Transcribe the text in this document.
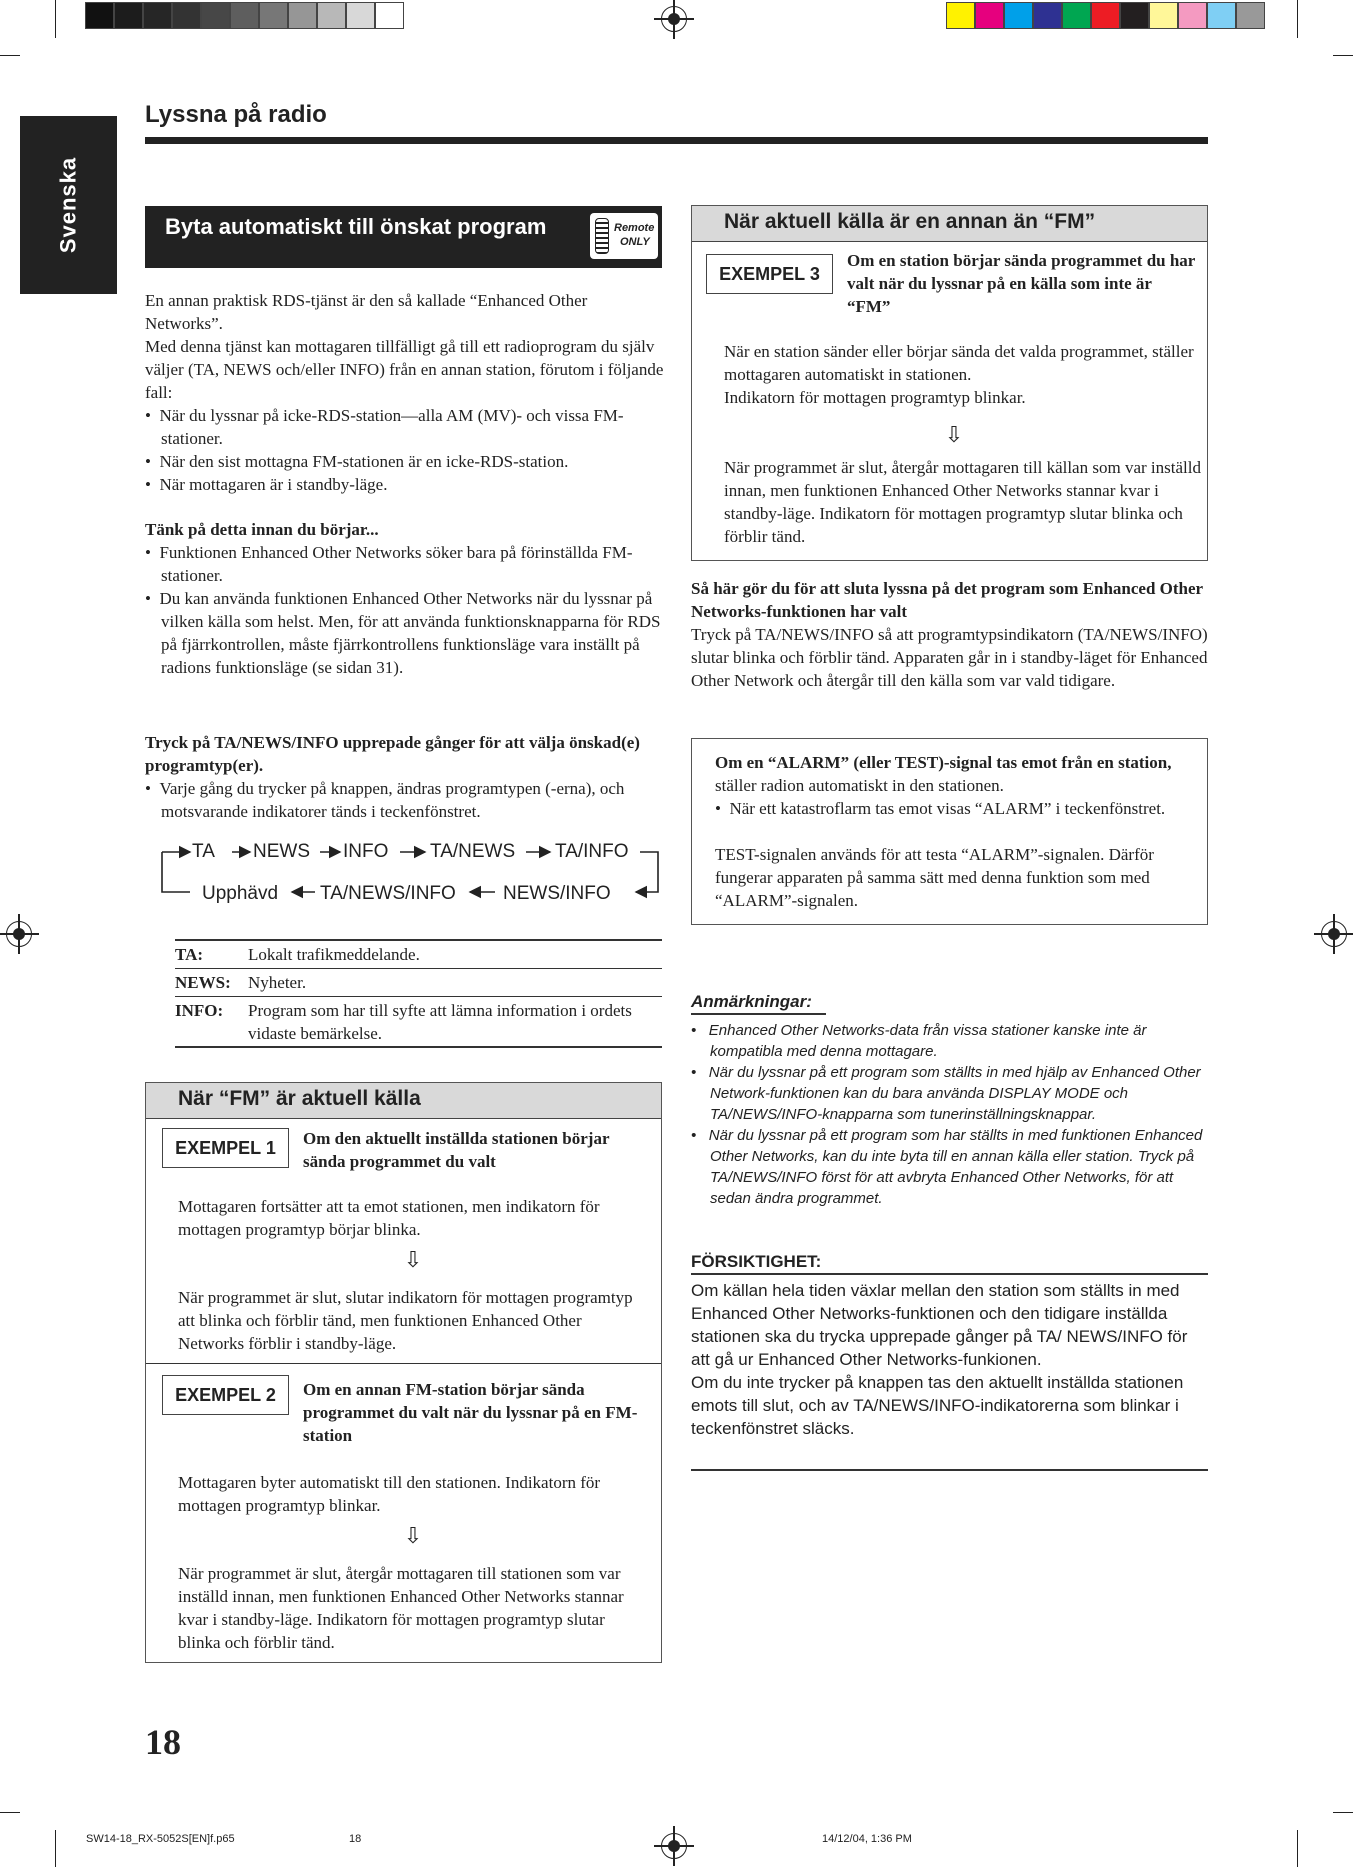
Svenska
Lyssna på radio
Byta automatiskt till önskat program	Remote
ONLY

En annan praktisk RDS-tjänst är den så kallade “Enhanced Other Networks”.

Med denna tjänst kan mottagaren tillfälligt gå till ett radioprogram du själv väljer (TA, NEWS och/eller INFO) från en annan station, förutom i följande fall:

•  När du lyssnar på icke-RDS-station—alla AM (MV)- och vissa FM-stationer.

•  När den sist mottagna FM-stationen är en icke-RDS-station.

•  När mottagaren är i standby-läge.

Tänk på detta innan du börjar...

•  Funktionen Enhanced Other Networks söker bara på förinställda FM-stationer.

•  Du kan använda funktionen Enhanced Other Networks när du lyssnar på vilken källa som helst. Men, för att använda funktionsknapparna för RDS på fjärrkontrollen, måste fjärrkontrollens funktionsläge vara inställt på radions funktionsläge (se sidan 31).

Tryck på TA/NEWS/INFO upprepade gånger för att välja önskad(e) programtyp(er).

•  Varje gång du trycker på knappen, ändras programtypen (-erna), och motsvarande indikatorer tänds i teckenfönstret.

TA NEWS INFO TA/NEWS TA/INFO
Upphävd TA/NEWS/INFO NEWS/INFO
TA:	Lokalt trafikmeddelande.
NEWS: Nyheter.
INFO: Program som har till syfte att lämna information i ordets vidaste bemärkelse.
När “FM” är aktuell källa
EXEMPEL 1	Om den aktuellt inställda stationen börjar sända programmet du valt
Mottagaren fortsätter att ta emot stationen, men indikatorn för mottagen programtyp börjar blinka.
⇩
När programmet är slut, slutar indikatorn för mottagen programtyp att blinka och förblir tänd, men funktionen Enhanced Other Networks förblir i standby-läge.
EXEMPEL 2	Om en annan FM-station börjar sända programmet du valt när du lyssnar på en FM-station
Mottagaren byter automatiskt till den stationen. Indikatorn för mottagen programtyp blinkar.
⇩
När programmet är slut, återgår mottagaren till stationen som var inställd innan, men funktionen Enhanced Other Networks stannar kvar i standby-läge. Indikatorn för mottagen programtyp slutar blinka och förblir tänd.
När aktuell källa är en annan än “FM”
EXEMPEL 3
Om en station börjar sända programmet du har valt när du lyssnar på en källa som inte är “FM”
När en station sänder eller börjar sända det valda programmet, ställer mottagaren automatiskt in stationen.
Indikatorn för mottagen programtyp blinkar.
⇩
När programmet är slut, återgår mottagaren till källan som var inställd innan, men funktionen Enhanced Other Networks stannar kvar i standby-läge. Indikatorn för mottagen programtyp slutar blinka och förblir tänd.

Så här gör du för att sluta lyssna på det program som Enhanced Other Networks-funktionen har valt

Tryck på TA/NEWS/INFO så att programtypsindikatorn (TA/NEWS/INFO) slutar blinka och förblir tänd. Apparaten går in i standby-läget för Enhanced Other Network och återgår till den källa som var vald tidigare.

Om en “ALARM” (eller TEST)-signal tas emot från en station, ställer radion automatiskt in den stationen.
•  När ett katastroflarm tas emot visas “ALARM” i teckenfönstret.
TEST-signalen används för att testa “ALARM”-signalen. Därför fungerar apparaten på samma sätt med denna funktion som med “ALARM”-signalen.
Anmärkningar:

•   Enhanced Other Networks-data från vissa stationer kanske inte är kompatibla med denna mottagare.

•   När du lyssnar på ett program som ställts in med hjälp av Enhanced Other Network-funktionen kan du bara använda DISPLAY MODE och TA/NEWS/INFO-knapparna som tunerinställningsknappar.

•   När du lyssnar på ett program som har ställts in med funktionen Enhanced Other Networks, kan du inte byta till en annan källa eller station. Tryck på TA/NEWS/INFO först för att avbryta Enhanced Other Networks, för att sedan ändra programmet.

FÖRSIKTIGHET:

Om källan hela tiden växlar mellan den station som ställts in med Enhanced Other Networks-funktionen och den tidigare inställda stationen ska du trycka upprepade gånger på TA/ NEWS/INFO för att gå ur Enhanced Other Networks-funkionen.

Om du inte trycker på knappen tas den aktuellt inställda stationen emots till slut, och av TA/NEWS/INFO-indikatorerna som blinkar i teckenfönstret släcks.

18
SW14-18_RX-5052S[EN]f.p65	18	14/12/04, 1:36 PM
